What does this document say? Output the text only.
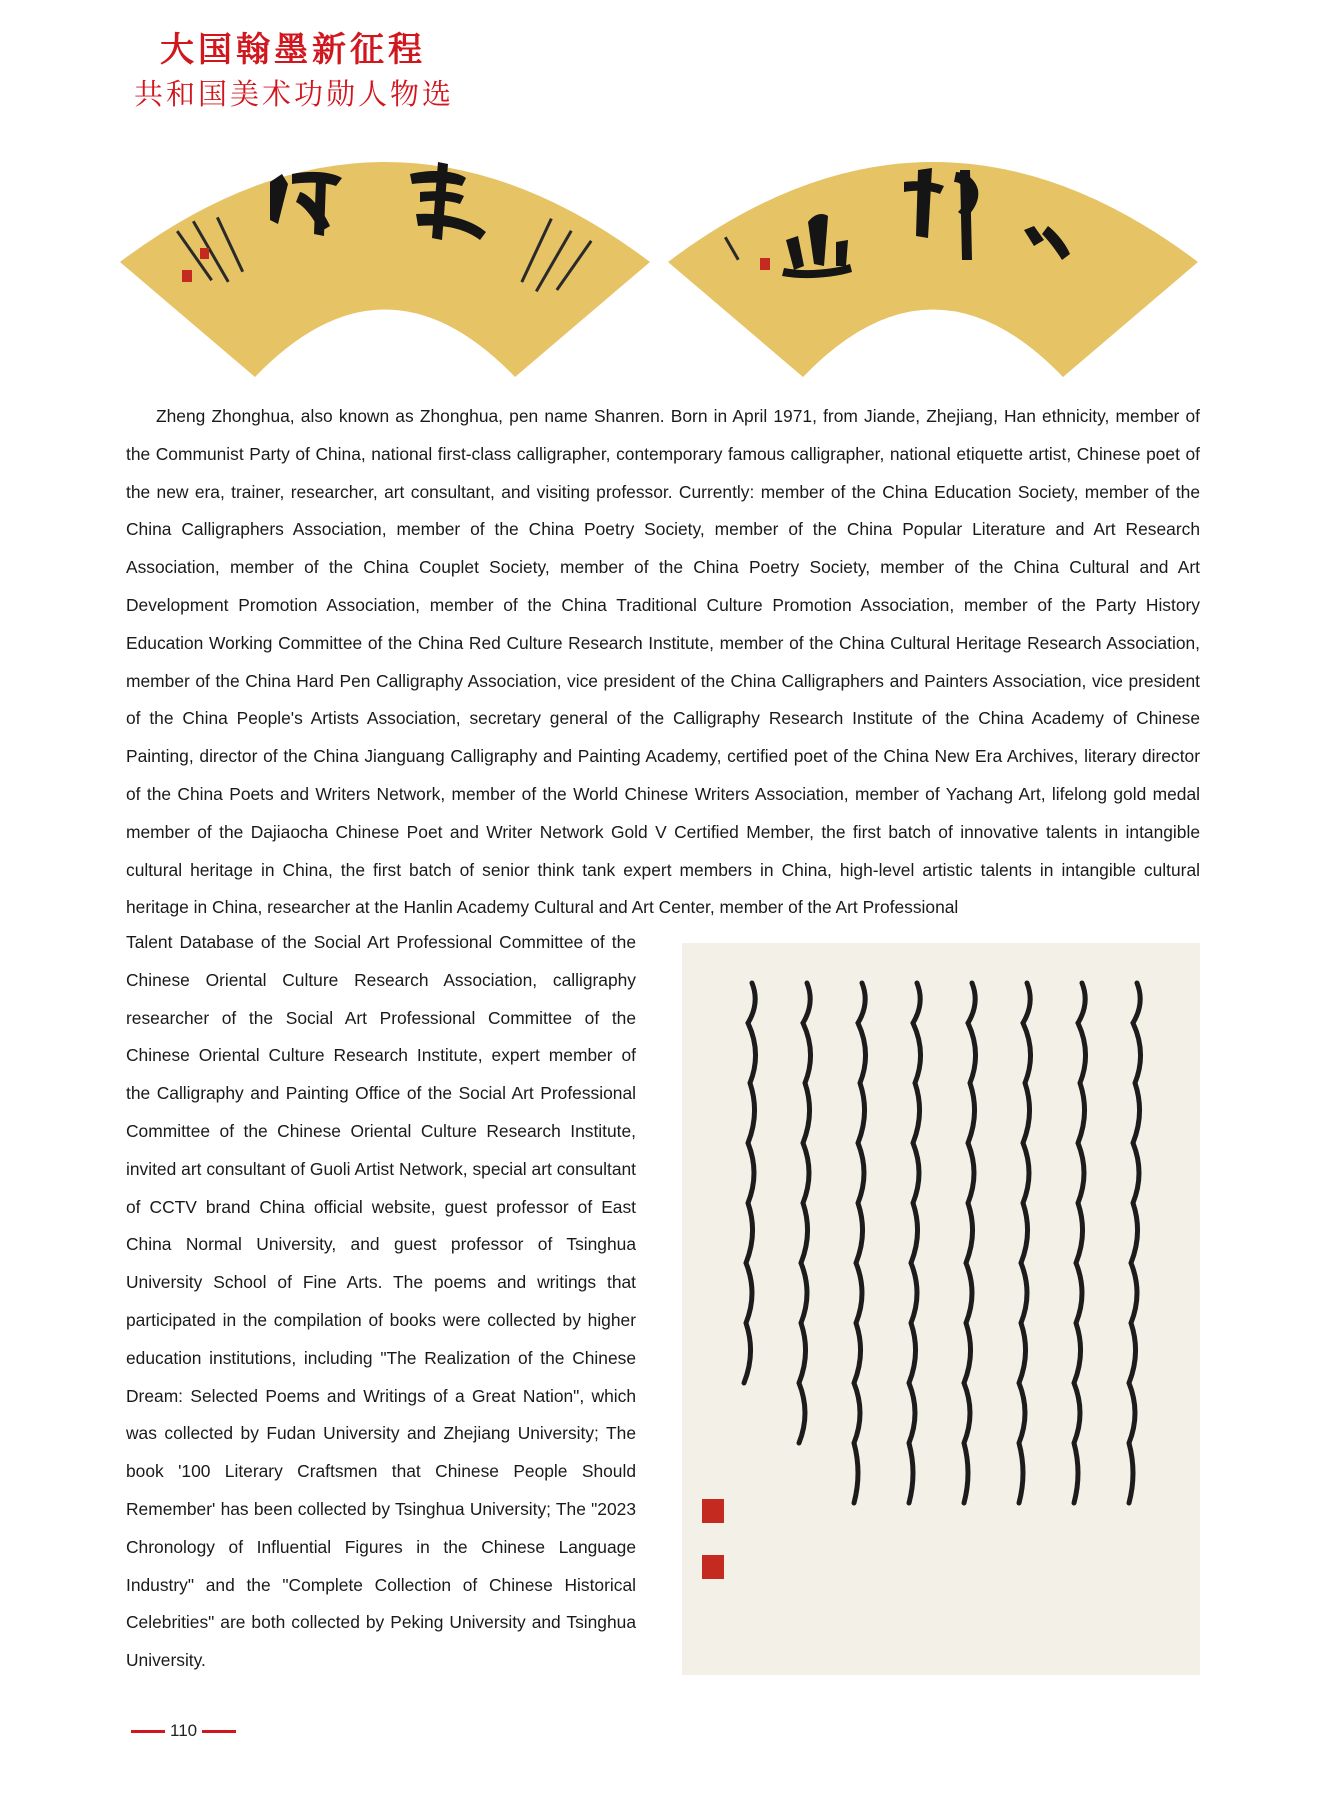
大国翰墨新征程
共和国美术功勋人物选

Zheng Zhonghua, also known as Zhonghua, pen name Shanren. Born in April 1971, from Jiande, Zhejiang, Han ethnicity, member of the Communist Party of China, national first-class calligrapher, contemporary famous calligrapher, national etiquette artist, Chinese poet of the new era, trainer, researcher, art consultant, and visiting professor. Currently: member of the China Education Society, member of the China Calligraphers Association, member of the China Poetry Society, member of the China Popular Literature and Art Research Association, member of the China Couplet Society, member of the China Poetry Society, member of the China Cultural and Art Development Promotion Association, member of the China Traditional Culture Promotion Association, member of the Party History Education Working Committee of the China Red Culture Research Institute, member of the China Cultural Heritage Research Association, member of the China Hard Pen Calligraphy Association, vice president of the China Calligraphers and Painters Association, vice president of the China People's Artists Association, secretary general of the Calligraphy Research Institute of the China Academy of Chinese Painting, director of the China Jianguang Calligraphy and Painting Academy, certified poet of the China New Era Archives, literary director of the China Poets and Writers Network, member of the World Chinese Writers Association, member of Yachang Art, lifelong gold medal member of the Dajiaocha Chinese Poet and Writer Network Gold V Certified Member, the first batch of innovative talents in intangible cultural heritage in China, the first batch of senior think tank expert members in China, high-level artistic talents in intangible cultural heritage in China, researcher at the Hanlin Academy Cultural and Art Center, member of the Art Professional

Talent Database of the Social Art Professional Committee of the Chinese Oriental Culture Research Association, calligraphy researcher of the Social Art Professional Committee of the Chinese Oriental Culture Research Institute, expert member of the Calligraphy and Painting Office of the Social Art Professional Committee of the Chinese Oriental Culture Research Institute, invited art consultant of Guoli Artist Network, special art consultant of CCTV brand China official website, guest professor of East China Normal University, and guest professor of Tsinghua University School of Fine Arts. The poems and writings that participated in the compilation of books were collected by higher education institutions, including "The Realization of the Chinese Dream: Selected Poems and Writings of a Great Nation", which was collected by Fudan University and Zhejiang University; The book '100 Literary Craftsmen that Chinese People Should Remember' has been collected by Tsinghua University; The "2023 Chronology of Influential Figures in the Chinese Language Industry" and the "Complete Collection of Chinese Historical Celebrities" are both collected by Peking University and Tsinghua University.

110
